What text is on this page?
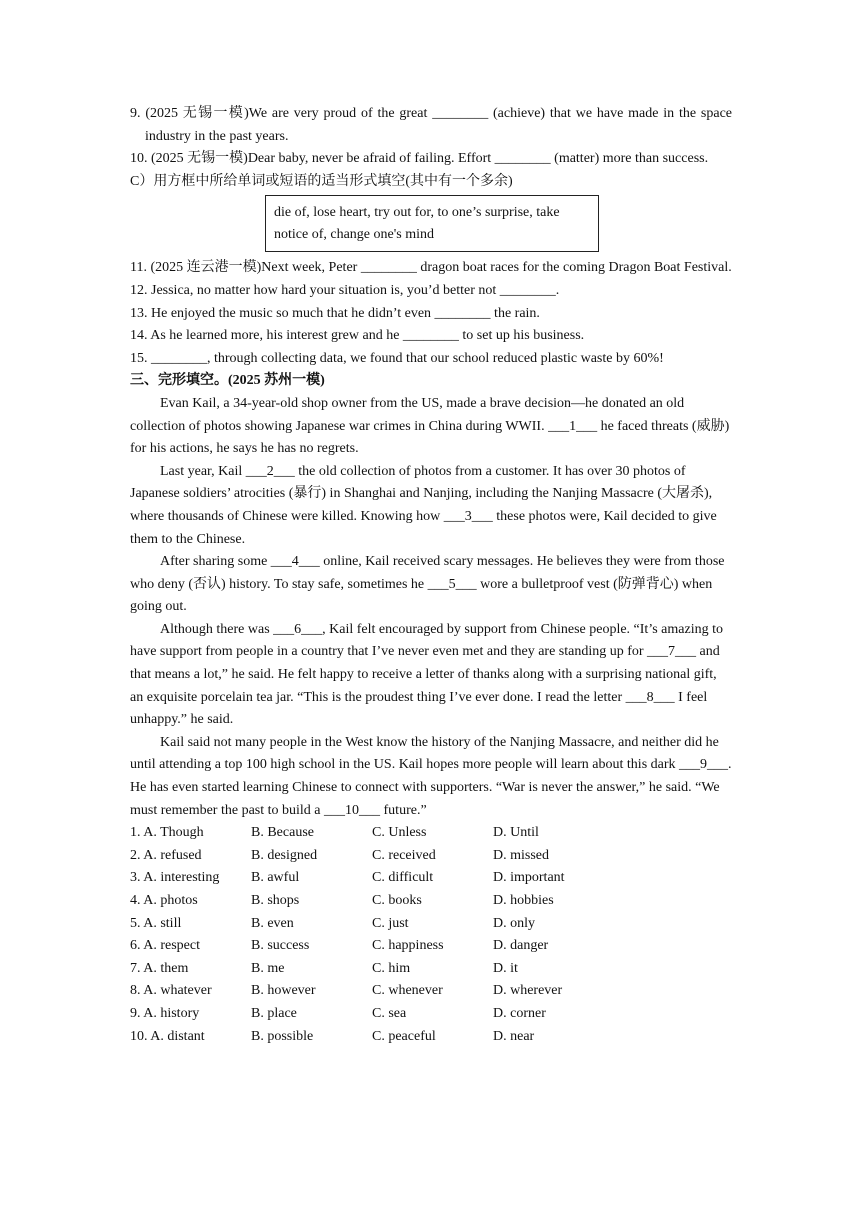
9. (2025 无锡一模)We are very proud of the great ________ (achieve) that we have made in the space industry in the past years.

10. (2025 无锡一模)Dear baby, never be afraid of failing. Effort ________ (matter) more than success.

C）用方框中所给单词或短语的适当形式填空(其中有一个多余)

die of, lose heart, try out for, to one’s surprise, take notice of, change one's mind

11. (2025 连云港一模)Next week, Peter ________ dragon boat races for the coming Dragon Boat Festival.

12. Jessica, no matter how hard your situation is, you’d better not ________.

13. He enjoyed the music so much that he didn’t even ________ the rain.

14. As he learned more, his interest grew and he ________ to set up his business.

15. ________, through collecting data, we found that our school reduced plastic waste by 60%!

三、完形填空。(2025 苏州一模)

Evan Kail, a 34-year-old shop owner from the US, made a brave decision—he donated an old collection of photos showing Japanese war crimes in China during WWII. ___1___ he faced threats (威胁) for his actions, he says he has no regrets.

Last year, Kail ___2___ the old collection of photos from a customer. It has over 30 photos of Japanese soldiers’ atrocities (暴行) in Shanghai and Nanjing, including the Nanjing Massacre (大屠杀), where thousands of Chinese were killed. Knowing how ___3___ these photos were, Kail decided to give them to the Chinese.

After sharing some ___4___ online, Kail received scary messages. He believes they were from those who deny (否认) history. To stay safe, sometimes he ___5___ wore a bulletproof vest (防弹背心) when going out.

Although there was ___6___, Kail felt encouraged by support from Chinese people. “It’s amazing to have support from people in a country that I’ve never even met and they are standing up for ___7___ and that means a lot,” he said. He felt happy to receive a letter of thanks along with a surprising national gift, an exquisite porcelain tea jar. “This is the proudest thing I’ve ever done. I read the letter ___8___ I feel unhappy.” he said.

Kail said not many people in the West know the history of the Nanjing Massacre, and neither did he until attending a top 100 high school in the US. Kail hopes more people will learn about this dark ___9___. He has even started learning Chinese to connect with supporters. “War is never the answer,” he said. “We must remember the past to build a ___10___ future.”

1. A. Though	B. Because	C. Unless	D. Until
2. A. refused	B. designed	C. received	D. missed
3. A. interesting	B. awful	C. difficult	D. important
4. A. photos	B. shops	C. books	D. hobbies
5. A. still	B. even	C. just	D. only
6. A. respect	B. success	C. happiness	D. danger
7. A. them	B. me	C. him	D. it
8. A. whatever	B. however	C. whenever	D. wherever
9. A. history	B. place	C. sea	D. corner
10. A. distant	B. possible	C. peaceful	D. near
